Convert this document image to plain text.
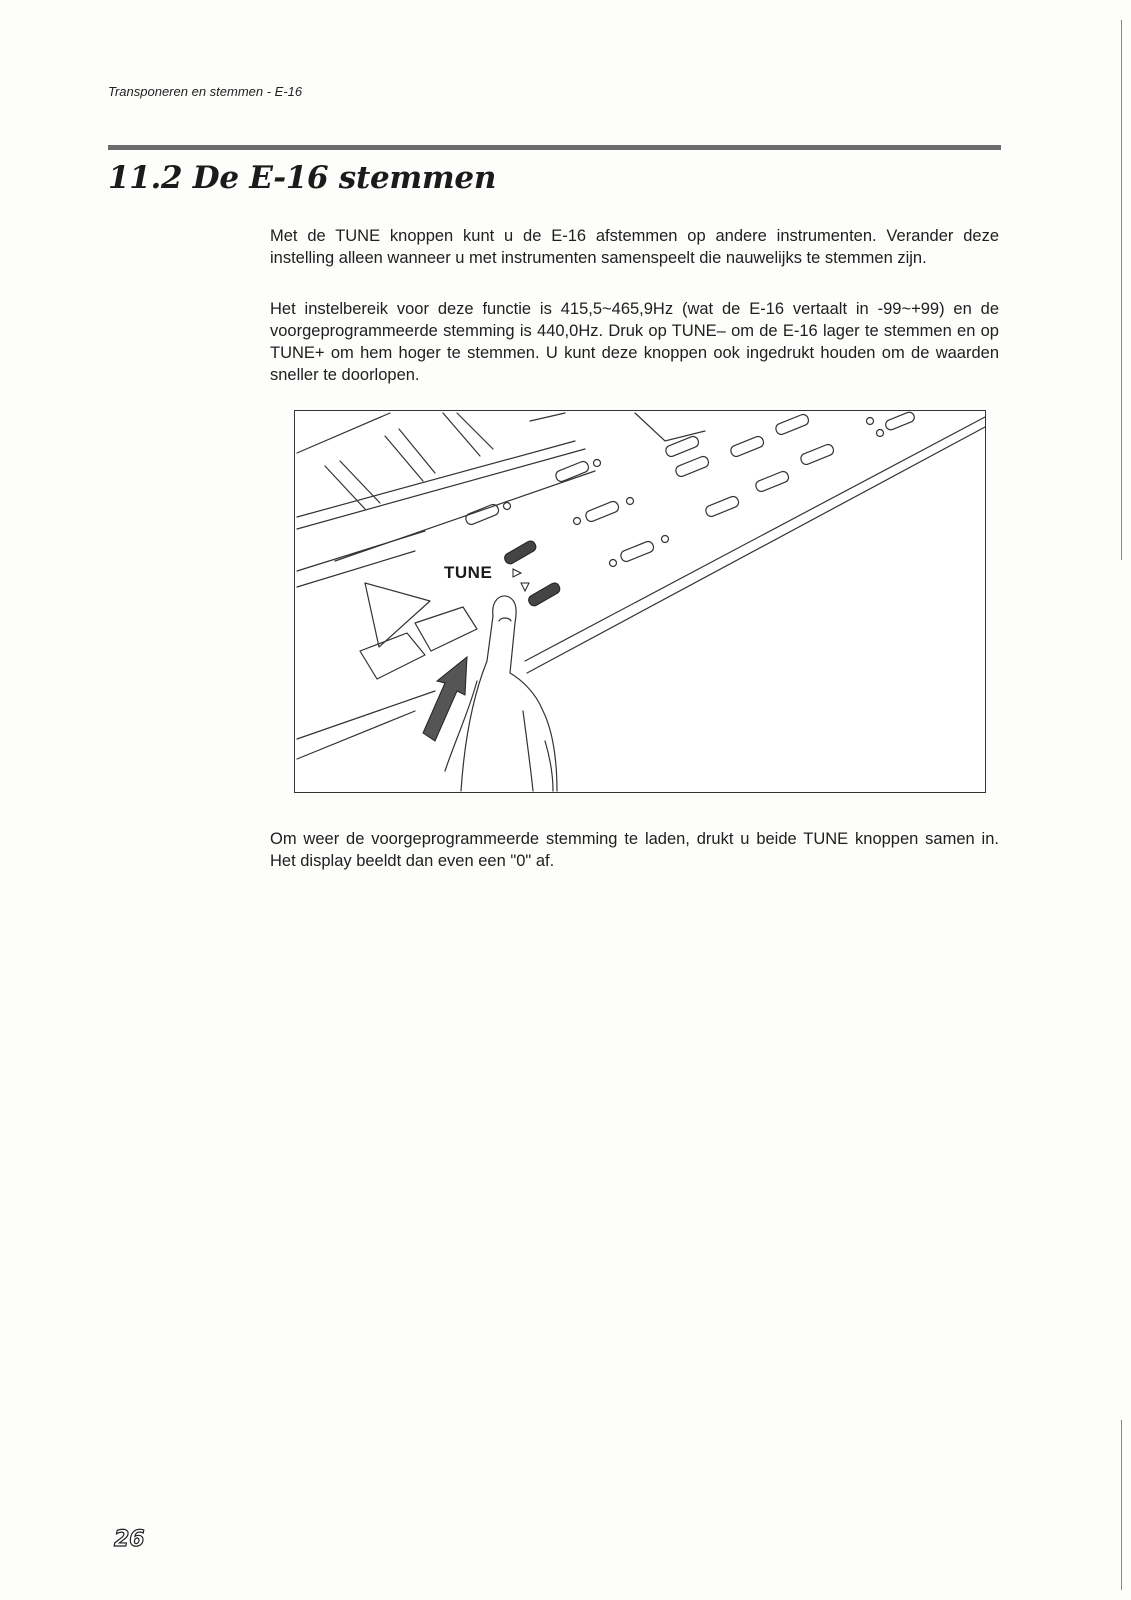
Transponeren en stemmen - E-16
11.2 De E-16 stemmen

Met de TUNE knoppen kunt u de E-16 afstemmen op andere instrumenten. Verander deze instelling alleen wanneer u met instrumenten samenspeelt die nauwelijks te stemmen zijn.

Het instelbereik voor deze functie is 415,5~465,9Hz (wat de E-16 vertaalt in -99~+99) en de voorgeprogrammeerde stemming is 440,0Hz. Druk op TUNE– om de E-16 lager te stemmen en op TUNE+ om hem hoger te stemmen. U kunt deze knoppen ook ingedrukt houden om de waarden sneller te doorlopen.

TUNE

Om weer de voorgeprogrammeerde stemming te laden, drukt u beide TUNE knoppen samen in. Het display beeldt dan even een "0" af.

26
